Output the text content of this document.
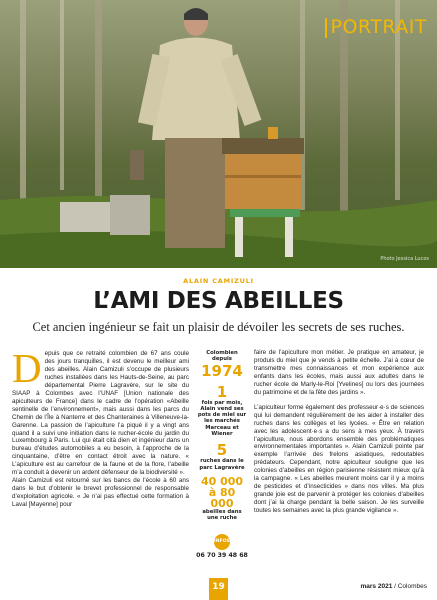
PORTRAIT
Photo Jessica Lucos
ALAIN CAMIZULI
L’AMI DES ABEILLES
Cet ancien ingénieur se fait un plaisir de dévoiler les secrets de ses ruches.

Depuis que ce retraité colombien de 67 ans coule des jours tranquilles, il est devenu le meilleur ami des abeilles. Alain Camizuli s’occupe de plusieurs ruches installées dans les Hauts-de-Seine, au parc départemental Pierre Lagravère, sur le site du SIAAP à Colombes avec l’UNAF [Union nationale des apiculteurs de France] dans le cadre de l’opération «Abeille sentinelle de l’environnement», mais aussi dans les parcs du Chemin de l’Île à Nanterre et des Chanteraines à Villeneuve-la-Garenne. La passion de l’apiculture l’a piqué il y a vingt ans quand il a suivi une initiation dans le rucher-école du jardin du Luxembourg à Paris. Lui qui était cità dien et ingénieur dans un bureau d’études automobiles a eu besoin, à l’approche de la cinquantaine, d’être en contact étroit avec la nature. « L’apiculture est au carrefour de la faune et de la flore, l’abeille m’a conduit à devenir un ardent défenseur de la biodiversité ».

Alain Camizuli est retourné sur les bancs de l’école à 60 ans dans le but d’obtenir le brevet professionnel de responsable d’exploitation agricole. « Je n’ai pas effectué cette formation à Laval [Mayenne] pour

Colombien depuis
1974
1
fois par mois, Alain vend ses pots de miel sur les marchés Marceau et Wiener
5
ruches dans le parc Lagravère
40 000 à 80 000
abeilles dans une ruche
INFOS
06 70 39 48 68

faire de l’apiculture mon métier. Je pratique en amateur, je produis du miel que je vends à petite échelle. J’ai à cœur de transmettre mes connaissances et mon expérience aux enfants dans les écoles, mais aussi aux adultes dans le rucher école de Marly-le-Roi [Yvelines] ou lors des journées du patrimoine et de la fête des jardins ».

L’apiculteur forme également des professeur·e·s de sciences qui lui demandent régulièrement de les aider à installer des ruches dans les collèges et les lycées. « Être en relation avec les adolescent·e·s a du sens à mes yeux. À travers l’apiculture, nous abordons ensemble des problématiques environnementales importantes ». Alain Camizuli pointe par exemple l’arrivée des frelons asiatiques, redoutables prédateurs. Cependant, notre apiculteur souligne que les colonies d’abeilles en région parisienne résistent mieux qu’à la campagne. « Les abeilles meurent moins car il y a moins de pesticides et d’insecticides » dans nos villes. Ma plus grande joie est de parvenir à protéger les colonies d’abeilles dont j’ai la charge pendant la belle saison. Je les surveille toutes les semaines avec la plus grande vigilance ».

19	mars 2021 / Colombes
